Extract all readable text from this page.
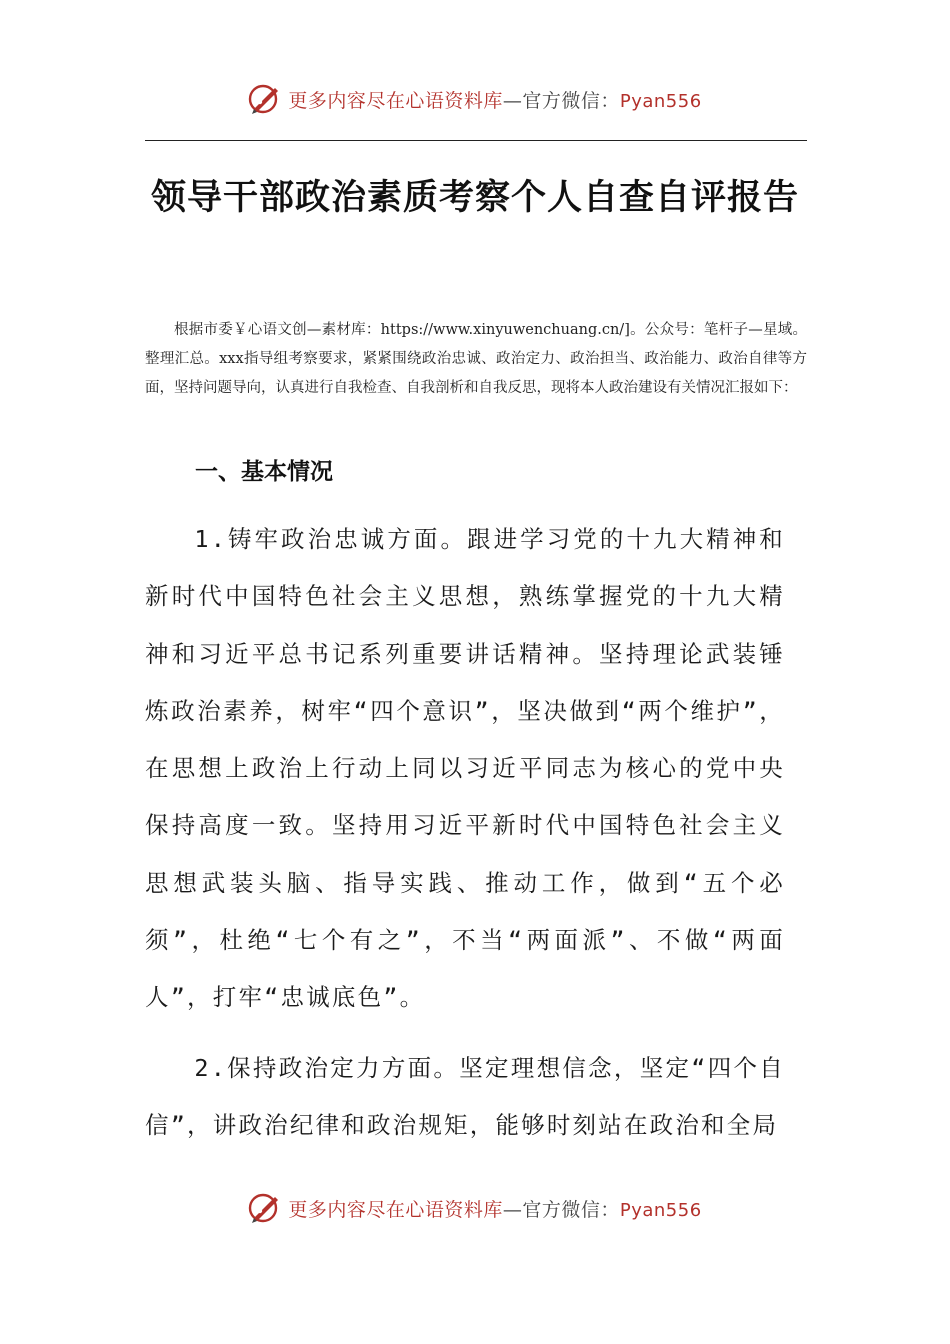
更多内容尽在心语资料库—官方微信：Pyan556
领导干部政治素质考察个人自查自评报告
根据市委￥心语文创—素材库：https://www.xinyuwenchuang.cn/]。公众号：笔杆子—星域。整理汇总。xxx指导组考察要求，紧紧围绕政治忠诚、政治定力、政治担当、政治能力、政治自律等方面，坚持问题导向，认真进行自我检查、自我剖析和自我反思，现将本人政治建设有关情况汇报如下：
一、基本情况
1.铸牢政治忠诚方面。跟进学习党的十九大精神和新时代中国特色社会主义思想，熟练掌握党的十九大精神和习近平总书记系列重要讲话精神。坚持理论武装锤炼政治素养，树牢“四个意识”，坚决做到“两个维护”，在思想上政治上行动上同以习近平同志为核心的党中央保持高度一致。坚持用习近平新时代中国特色社会主义思想武装头脑、指导实践、推动工作，做到“五个必须”，杜绝“七个有之”，不当“两面派”、不做“两面人”，打牢“忠诚底色”。
2.保持政治定力方面。坚定理想信念，坚定“四个自信”，讲政治纪律和政治规矩，能够时刻站在政治和全局
更多内容尽在心语资料库—官方微信：Pyan556
